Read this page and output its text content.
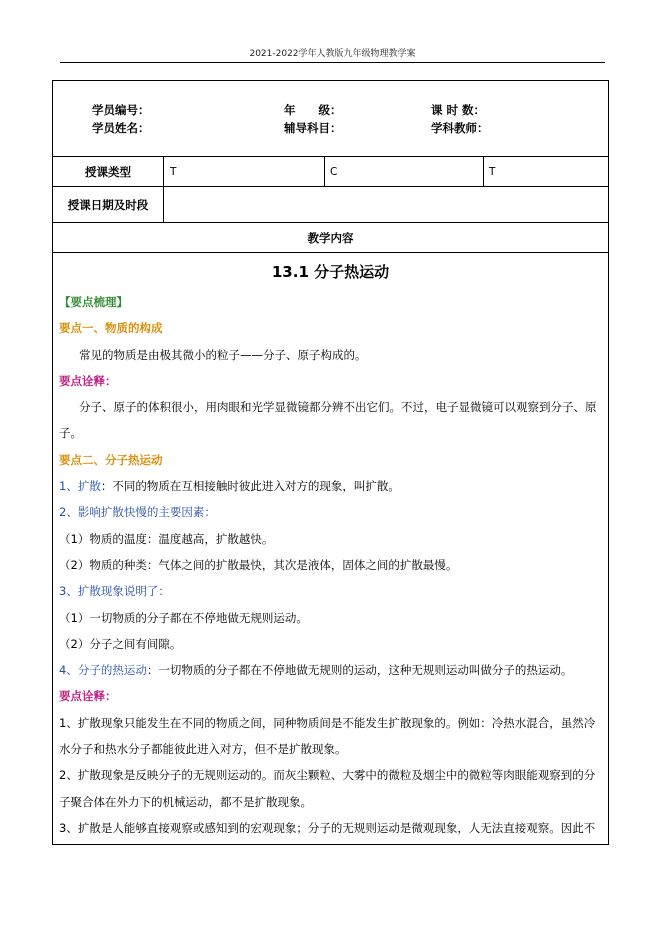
2021-2022学年人教版九年级物理教学案
学员编号：	年　　级：	课 时 数：
学员姓名：	辅导科目：	学科教师：
授课类型	T	C	T
授课日期及时段
教学内容
13.1 分子热运动

【要点梳理】

要点一、物质的构成

常见的物质是由极其微小的粒子——分子、原子构成的。

要点诠释：

分子、原子的体积很小，用肉眼和光学显微镜都分辨不出它们。不过，电子显微镜可以观察到分子、原子。

要点二、分子热运动

1、扩散：不同的物质在互相接触时彼此进入对方的现象，叫扩散。

2、影响扩散快慢的主要因素：

（1）物质的温度：温度越高，扩散越快。

（2）物质的种类：气体之间的扩散最快，其次是液体，固体之间的扩散最慢。

3、扩散现象说明了：

（1）一切物质的分子都在不停地做无规则运动。

（2）分子之间有间隙。

4、分子的热运动：一切物质的分子都在不停地做无规则的运动，这种无规则运动叫做分子的热运动。

要点诠释：

1、扩散现象只能发生在不同的物质之间，同种物质间是不能发生扩散现象的。例如：冷热水混合，虽然冷水分子和热水分子都能彼此进入对方，但不是扩散现象。

2、扩散现象是反映分子的无规则运动的。而灰尘颗粒、大雾中的微粒及烟尘中的微粒等肉眼能观察到的分子聚合体在外力下的机械运动，都不是扩散现象。

3、扩散是人能够直接观察或感知到的宏观现象；分子的无规则运动是微观现象，人无法直接观察。因此不
